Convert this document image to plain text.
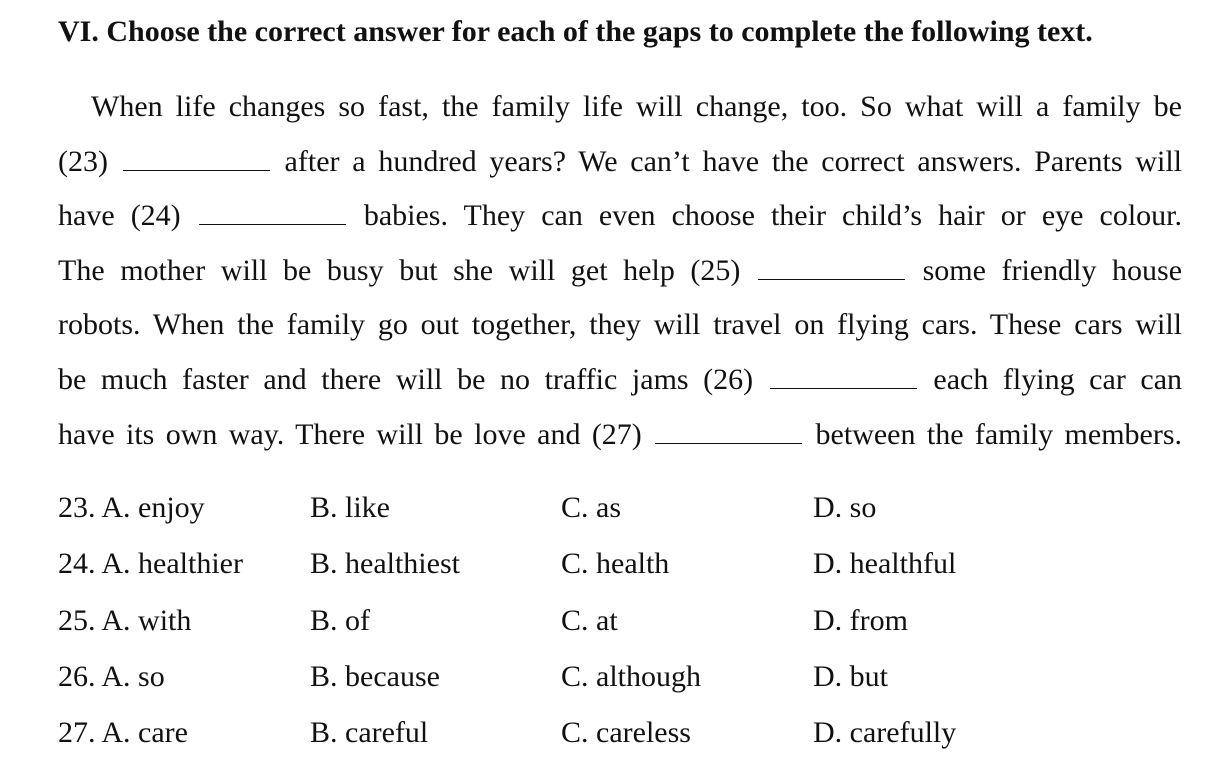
VI. Choose the correct answer for each of the gaps to complete the following text.
When life changes so fast, the family life will change, too. So what will a family be
(23)	after a hundred years? We can’t have the correct answers. Parents will
have (24)	babies. They can even choose their child’s hair or eye colour.
The mother will be busy but she will get help (25)	some friendly house
robots. When the family go out together, they will travel on flying cars. These cars will
be much faster and there will be no traffic jams (26)	each flying car can
have its own way. There will be love and (27)	between the family members.
23. A. enjoy	B. like	C. as	D. so
24. A. healthier B. healthiest	C. health	D. healthful
25. A. with	B. of	C. at	D. from
26. A. so	B. because	C. although	D. but
27. A. care	B. careful	C. careless	D. carefully
